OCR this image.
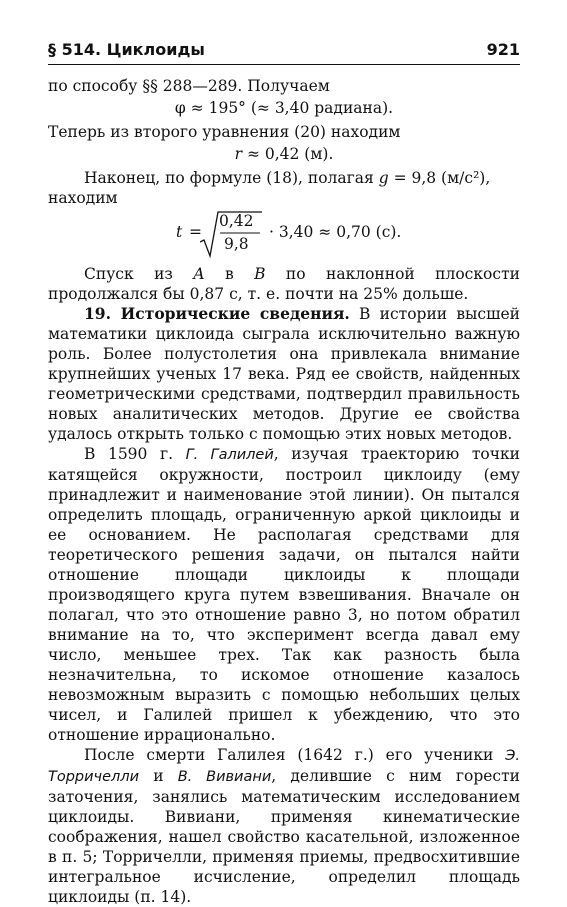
§ 514. Циклоиды	921

по способу §§ 288—289. Получаем

φ ≈ 195° (≈ 3,40 радиана).

Теперь из второго уравнения (20) находим

r ≈ 0,42 (м).

Наконец, по формуле (18), полагая g = 9,8 (м/с²),

находим

t =
0,42
9,8
· 3,40 ≈ 0,70 (с).

Спуск из A в B по наклонной плоскости продолжался бы 0,87 с, т. е. почти на 25% дольше.

19. Исторические сведения. В истории высшей математики циклоида сыграла исключительно важную роль. Более полустолетия она привлекала внимание крупнейших ученых 17 века. Ряд ее свойств, найденных геометрическими средствами, подтвердил правильность новых аналитических методов. Другие ее свойства удалось открыть только с помощью этих новых методов.

В 1590 г. Г. Галилей, изучая траекторию точки катящейся окружности, построил циклоиду (ему принадлежит и наименование этой линии). Он пытался определить площадь, ограниченную аркой циклоиды и ее основанием. Не располагая средствами для теоретического решения задачи, он пытался найти отношение площади циклоиды к площади производящего круга путем взвешивания. Вначале он полагал, что это отношение равно 3, но потом обратил внимание на то, что эксперимент всегда давал ему число, меньшее трех. Так как разность была незначительна, то искомое отношение казалось невозможным выразить с помощью небольших целых чисел, и Галилей пришел к убеждению, что это отношение иррационально.

После смерти Галилея (1642 г.) его ученики Э. Торричелли и В. Вивиани, делившие с ним горести заточения, занялись математическим исследованием циклоиды. Вивиани, применяя кинематические соображения, нашел свойство касательной, изложенное в п. 5; Торричелли, применяя приемы, предвосхитившие интегральное исчисление, определил площадь циклоиды (п. 14).
